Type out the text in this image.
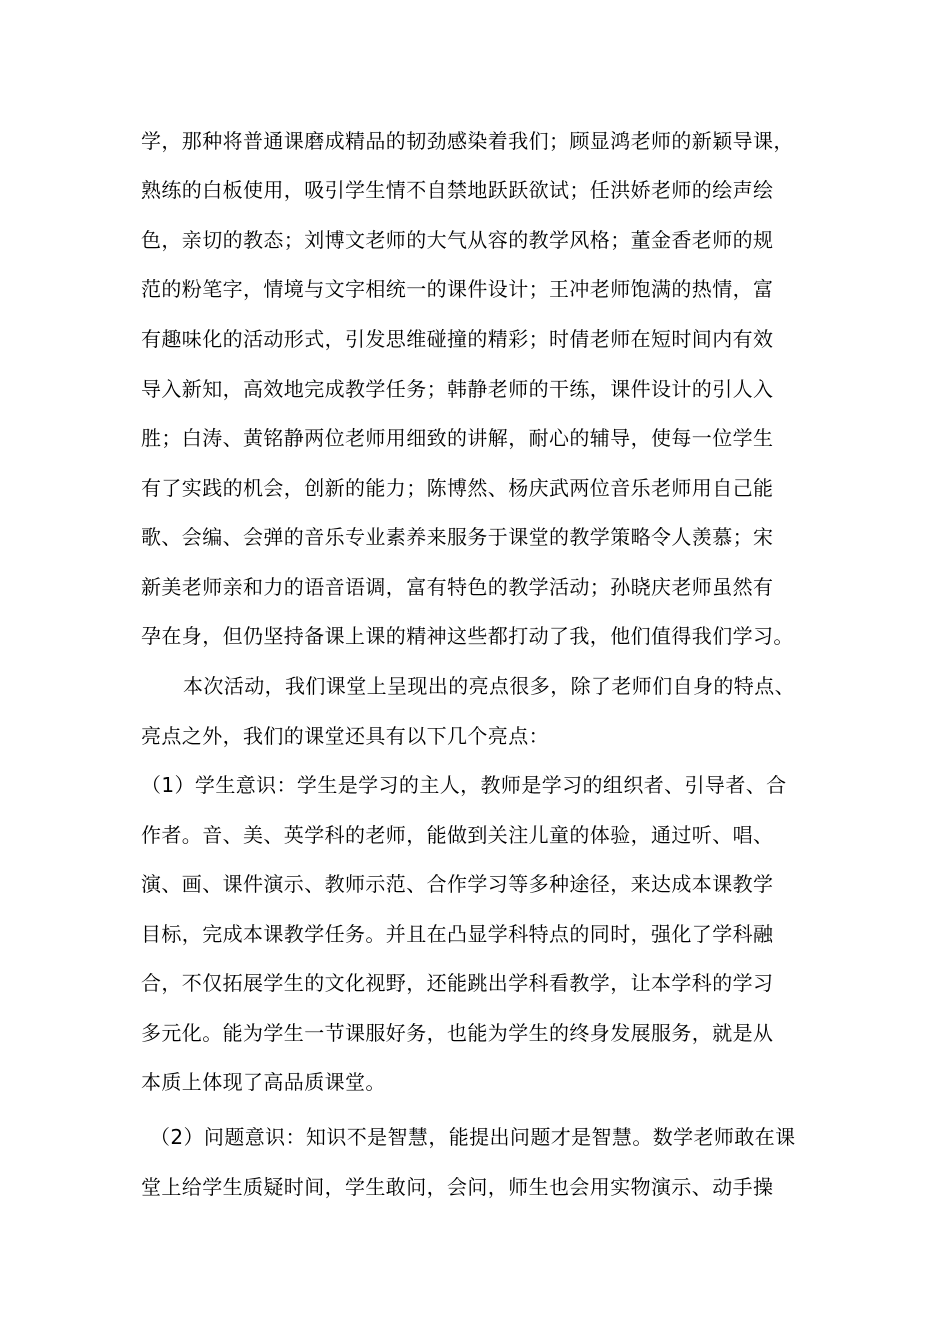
学，那种将普通课磨成精品的韧劲感染着我们；顾显鸿老师的新颖导课，
熟练的白板使用，吸引学生情不自禁地跃跃欲试；任洪娇老师的绘声绘
色，亲切的教态；刘博文老师的大气从容的教学风格；董金香老师的规
范的粉笔字，情境与文字相统一的课件设计；王冲老师饱满的热情，富
有趣味化的活动形式，引发思维碰撞的精彩；时倩老师在短时间内有效
导入新知，高效地完成教学任务；韩静老师的干练，课件设计的引人入
胜；白涛、黄铭静两位老师用细致的讲解，耐心的辅导，使每一位学生
有了实践的机会，创新的能力；陈博然、杨庆武两位音乐老师用自己能
歌、会编、会弹的音乐专业素养来服务于课堂的教学策略令人羡慕；宋
新美老师亲和力的语音语调，富有特色的教学活动；孙晓庆老师虽然有
孕在身，但仍坚持备课上课的精神这些都打动了我，他们值得我们学习。
本次活动，我们课堂上呈现出的亮点很多，除了老师们自身的特点、
亮点之外，我们的课堂还具有以下几个亮点：
（1）学生意识：学生是学习的主人，教师是学习的组织者、引导者、合
作者。音、美、英学科的老师，能做到关注儿童的体验，通过听、唱、
演、画、课件演示、教师示范、合作学习等多种途径，来达成本课教学
目标，完成本课教学任务。并且在凸显学科特点的同时，强化了学科融
合，不仅拓展学生的文化视野，还能跳出学科看教学，让本学科的学习
多元化。能为学生一节课服好务，也能为学生的终身发展服务，就是从
本质上体现了高品质课堂。
（2）问题意识：知识不是智慧，能提出问题才是智慧。数学老师敢在课
堂上给学生质疑时间，学生敢问，会问，师生也会用实物演示、动手操
